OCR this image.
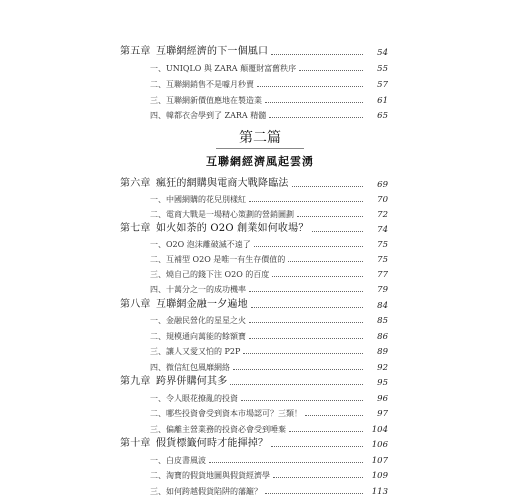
第五章 互聯網經濟的下一個風口	54
一、UNIQLO 與 ZARA 顛覆財富舊秩序	55
二、互聯網銷售不是噱月秒賣	57
三、互聯網新價值應地在製造業	61
四、韓都衣舍學到了 ZARA 精髓	65
第二篇
互聯網經濟風起雲湧
第六章 瘋狂的網購與電商大戰降臨法	69
一、中國網購的花兒別樣紅	70
二、電商大戰是一場精心策劃的營銷圖劃	72
第七章 如火如荼的 O2O 創業如何收場？	74
一、O2O 泡沫離破滅不遠了	75
二、互補型 O2O 是唯一有生存價值的	75
三、燒自己的錢下注 O2O 的百度	77
四、十萬分之一的成功機率	79
第八章 互聯網金融一夕遍地	84
一、金融民營化的星星之火	85
二、規模通向萬能的餘額寶	86
三、讓人又愛又怕的 P2P	89
四、微信紅包風靡網絡	92
第九章 跨界併購何其多	95
一、令人眼花撩亂的投資	96
二、哪些投資會受到資本市場認可？三類！	97
三、偏離主營業務的投資必會受到唾棄	104
第十章 假貨標籤何時才能揮掉？	106
一、白皮書風波	107
二、淘寶的假貨地圖與假貨經濟學	109
三、如何跨越假貨陷阱的藩籬？	113
